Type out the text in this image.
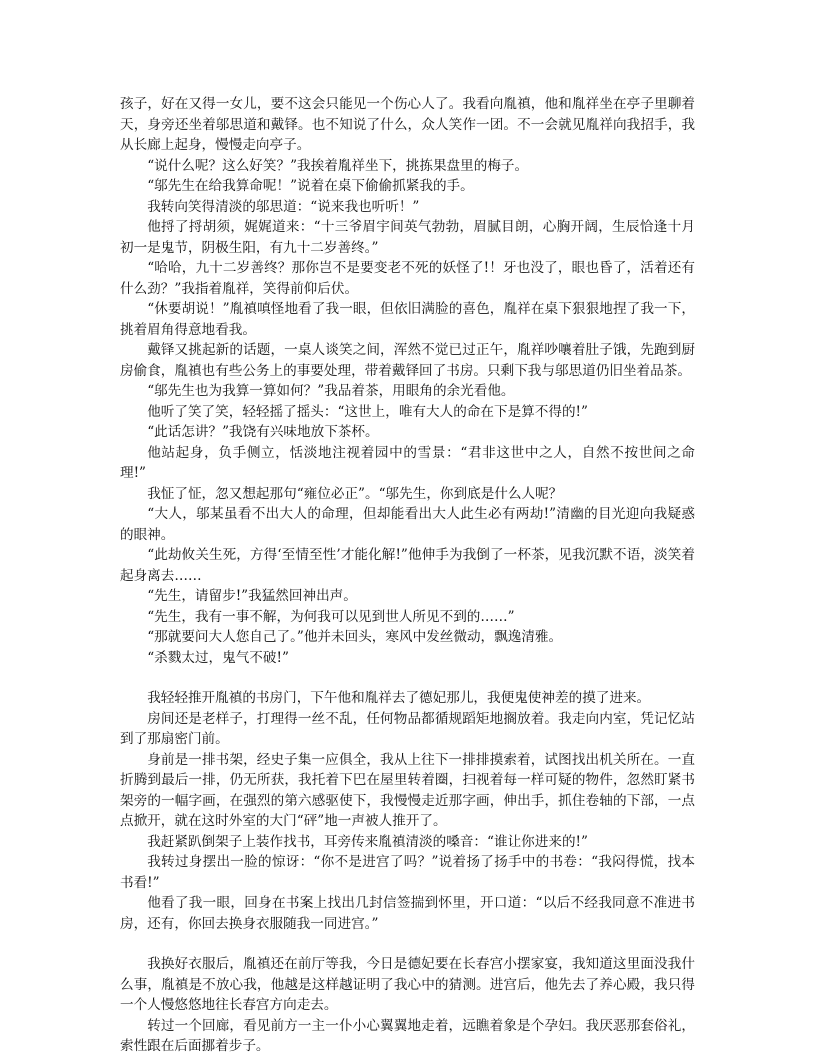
孩子，好在又得一女儿，要不这会只能见一个伤心人了。我看向胤禛，他和胤祥坐在亭子里聊着天，身旁还坐着邬思道和戴铎。也不知说了什么，众人笑作一团。不一会就见胤祥向我招手，我从长廊上起身，慢慢走向亭子。

“说什么呢？这么好笑？”我挨着胤祥坐下，挑拣果盘里的梅子。

“邬先生在给我算命呢！”说着在桌下偷偷抓紧我的手。

我转向笑得清淡的邬思道：“说来我也听听！”

他捋了捋胡须，娓娓道来：“十三爷眉宇间英气勃勃，眉腻目朗，心胸开阔，生辰恰逢十月初一是鬼节，阴极生阳，有九十二岁善终。”

“哈哈，九十二岁善终？那你岂不是要变老不死的妖怪了!！牙也没了，眼也昏了，活着还有什么劲？”我指着胤祥，笑得前仰后伏。

“休要胡说！”胤禛嗔怪地看了我一眼，但依旧满脸的喜色，胤祥在桌下狠狠地捏了我一下，挑着眉角得意地看我。

戴铎又挑起新的话题，一桌人谈笑之间，浑然不觉已过正午，胤祥吵嚷着肚子饿，先跑到厨房偷食，胤禛也有些公务上的事要处理，带着戴铎回了书房。只剩下我与邬思道仍旧坐着品茶。

“邬先生也为我算一算如何？”我品着茶，用眼角的余光看他。

他听了笑了笑，轻轻摇了摇头：“这世上，唯有大人的命在下是算不得的!”

“此话怎讲？”我饶有兴味地放下茶杯。

他站起身，负手侧立，恬淡地注视着园中的雪景：“君非这世中之人，自然不按世间之命理!”

我怔了怔，忽又想起那句“雍位必正”。“邬先生，你到底是什么人呢？

“大人，邬某虽看不出大人的命理，但却能看出大人此生必有两劫!”清幽的目光迎向我疑惑的眼神。

“此劫攸关生死，方得‘至情至性’才能化解!”他伸手为我倒了一杯茶，见我沉默不语，淡笑着起身离去……

“先生，请留步!”我猛然回神出声。

“先生，我有一事不解，为何我可以见到世人所见不到的……”

“那就要问大人您自己了。”他并未回头，寒风中发丝微动，飘逸清雅。

“杀戮太过，鬼气不破!”

我轻轻推开胤禛的书房门，下午他和胤祥去了德妃那儿，我便鬼使神差的摸了进来。

房间还是老样子，打理得一丝不乱，任何物品都循规蹈矩地搁放着。我走向内室，凭记忆站到了那扇密门前。

身前是一排书架，经史子集一应俱全，我从上往下一排排摸索着，试图找出机关所在。一直折腾到最后一排，仍无所获，我托着下巴在屋里转着圈，扫视着每一样可疑的物件，忽然盯紧书架旁的一幅字画，在强烈的第六感驱使下，我慢慢走近那字画，伸出手，抓住卷轴的下部，一点点掀开，就在这时外室的大门“砰”地一声被人推开了。

我赶紧趴倒架子上装作找书，耳旁传来胤禛清淡的嗓音：“谁让你进来的!”

我转过身摆出一脸的惊讶：“你不是进宫了吗？”说着扬了扬手中的书卷：“我闷得慌，找本书看!”

他看了我一眼，回身在书案上找出几封信签揣到怀里，开口道：“以后不经我同意不准进书房，还有，你回去换身衣服随我一同进宫。”

我换好衣服后，胤禛还在前厅等我，今日是德妃要在长春宫小摆家宴，我知道这里面没我什么事，胤禛是不放心我，他越是这样越证明了我心中的猜测。进宫后，他先去了养心殿，我只得一个人慢悠悠地往长春宫方向走去。

转过一个回廊，看见前方一主一仆小心翼翼地走着，远瞧着象是个孕妇。我厌恶那套俗礼，索性跟在后面挪着步子。
